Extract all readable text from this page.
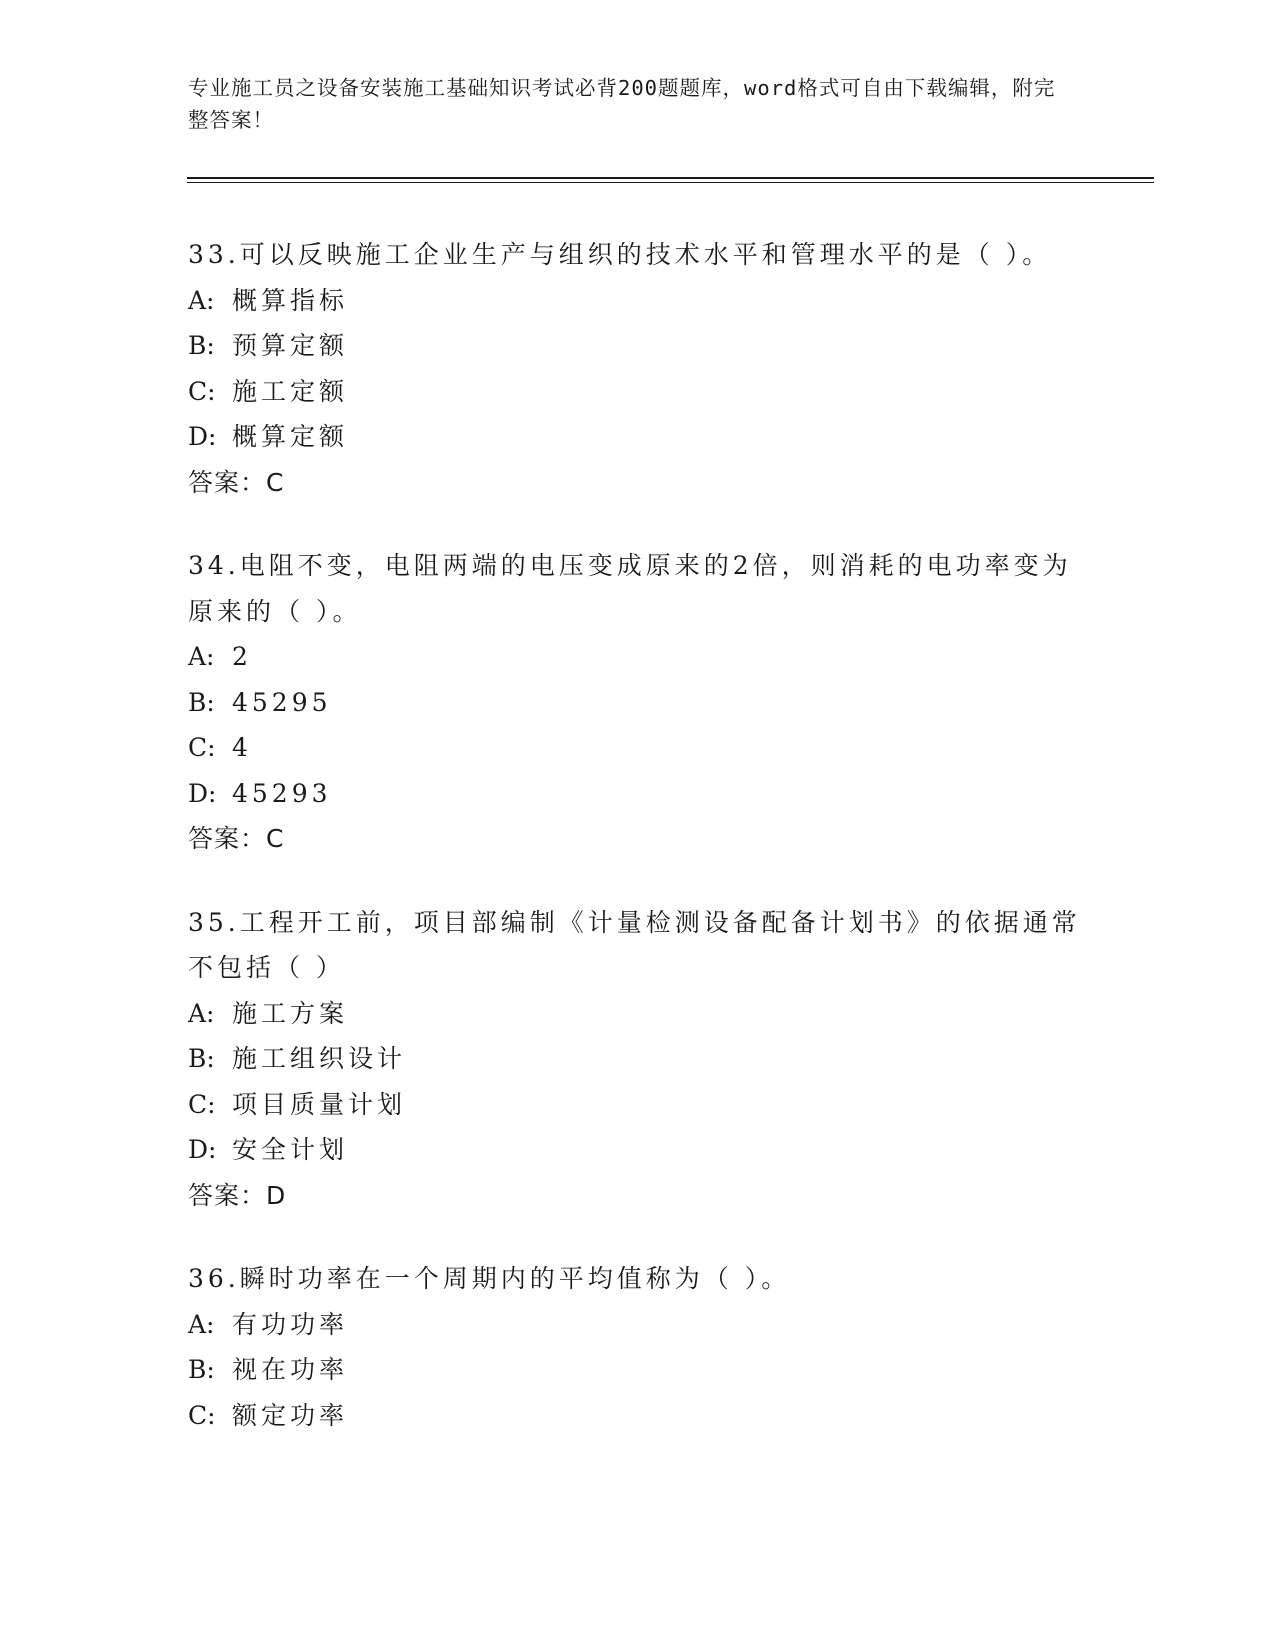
专业施工员之设备安装施工基础知识考试必背200题题库，word格式可自由下载编辑，附完整答案！

33.可以反映施工企业生产与组织的技术水平和管理水平的是（ ）。

A: 概算指标

B: 预算定额

C: 施工定额

D: 概算定额

答案：C

34.电阻不变，电阻两端的电压变成原来的2倍，则消耗的电功率变为原来的（ ）。

A: 2

B: 45295

C: 4

D: 45293

答案：C

35.工程开工前，项目部编制《计量检测设备配备计划书》的依据通常不包括（ ）

A: 施工方案

B: 施工组织设计

C: 项目质量计划

D: 安全计划

答案：D

36.瞬时功率在一个周期内的平均值称为（ ）。

A: 有功功率

B: 视在功率

C: 额定功率
